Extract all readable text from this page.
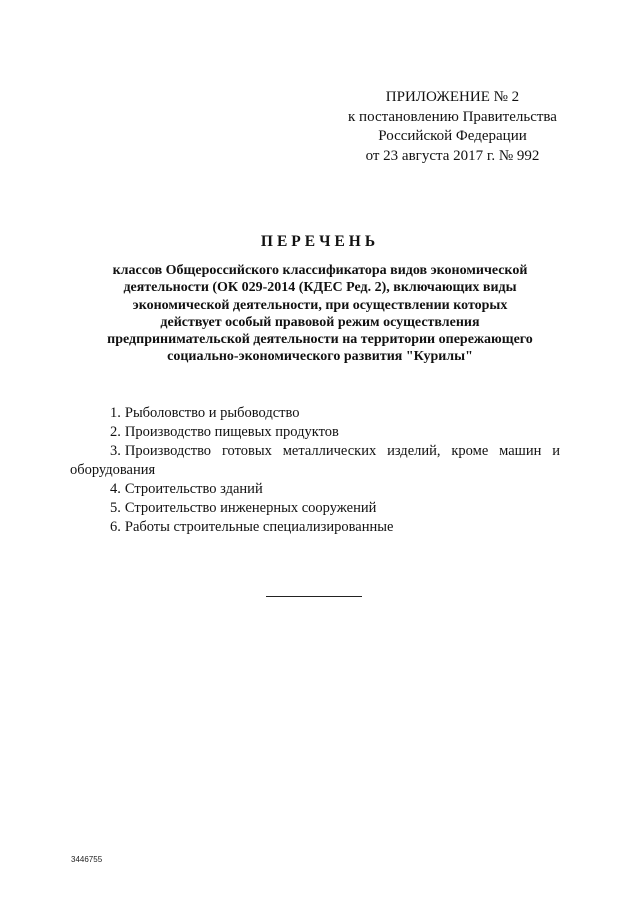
ПРИЛОЖЕНИЕ № 2
к постановлению Правительства
Российской Федерации
от 23 августа 2017 г. № 992
ПЕРЕЧЕНЬ
классов Общероссийского классификатора видов экономической
деятельности (ОК 029-2014 (КДЕС Ред. 2), включающих виды
экономической деятельности, при осуществлении которых
действует особый правовой режим осуществления
предпринимательской деятельности на территории опережающего
социально-экономического развития "Курилы"
1. Рыболовство и рыбоводство
2. Производство пищевых продуктов
3. Производство готовых металлических изделий, кроме машин и оборудования
4. Строительство зданий
5. Строительство инженерных сооружений
6. Работы строительные специализированные
3446755
